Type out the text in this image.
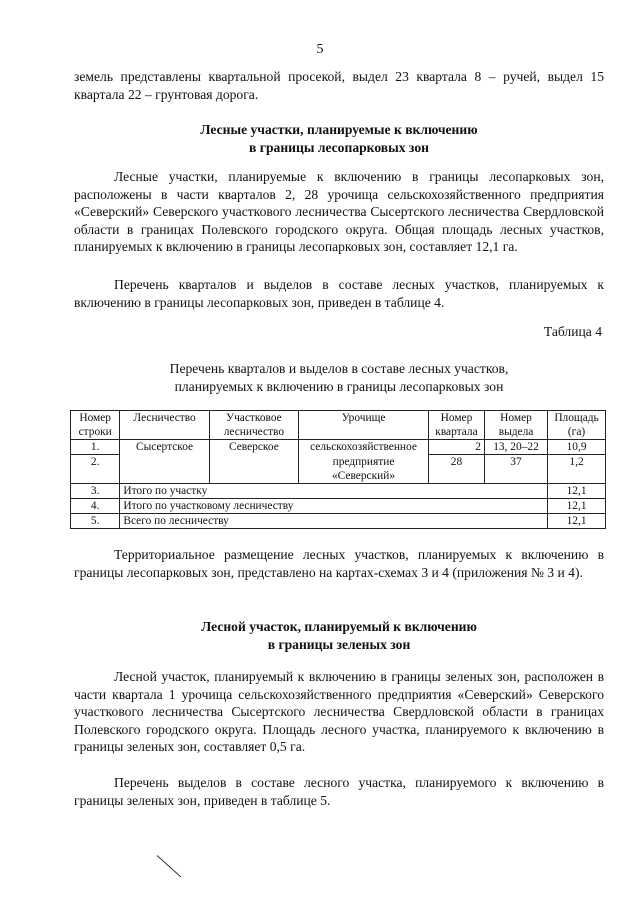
5
земель представлены квартальной просекой, выдел 23 квартала 8 – ручей, выдел 15 квартала 22 – грунтовая дорога.
Лесные участки, планируемые к включению
в границы лесопарковых зон
Лесные участки, планируемые к включению в границы лесопарковых зон, расположены в части кварталов 2, 28 урочища сельскохозяйственного предприятия «Северский» Северского участкового лесничества Сысертского лесничества Свердловской области в границах Полевского городского округа. Общая площадь лесных участков, планируемых к включению в границы лесопарковых зон, составляет 12,1 га.
Перечень кварталов и выделов в составе лесных участков, планируемых к включению в границы лесопарковых зон, приведен в таблице 4.
Таблица 4
Перечень кварталов и выделов в составе лесных участков,
планируемых к включению в границы лесопарковых зон
Номер строки	Лесничество	Участковое лесничество	Урочище	Номер квартала	Номер выдела	Площадь (га)
1.	Сысертское	Северское	сельскохозяйственное	2	13, 20–22	10,9
2.			предприятие «Северский»	28	37	1,2
3.	Итого по участку					12,1
4.	Итого по участковому лесничеству					12,1
5.	Всего по лесничеству					12,1
Территориальное размещение лесных участков, планируемых к включению в границы лесопарковых зон, представлено на картах-схемах 3 и 4 (приложения № 3 и 4).
Лесной участок, планируемый к включению
в границы зеленых зон
Лесной участок, планируемый к включению в границы зеленых зон, расположен в части квартала 1 урочища сельскохозяйственного предприятия «Северский» Северского участкового лесничества Сысертского лесничества Свердловской области в границах Полевского городского округа. Площадь лесного участка, планируемого к включению в границы зеленых зон, составляет 0,5 га.
Перечень выделов в составе лесного участка, планируемого к включению в границы зеленых зон, приведен в таблице 5.
